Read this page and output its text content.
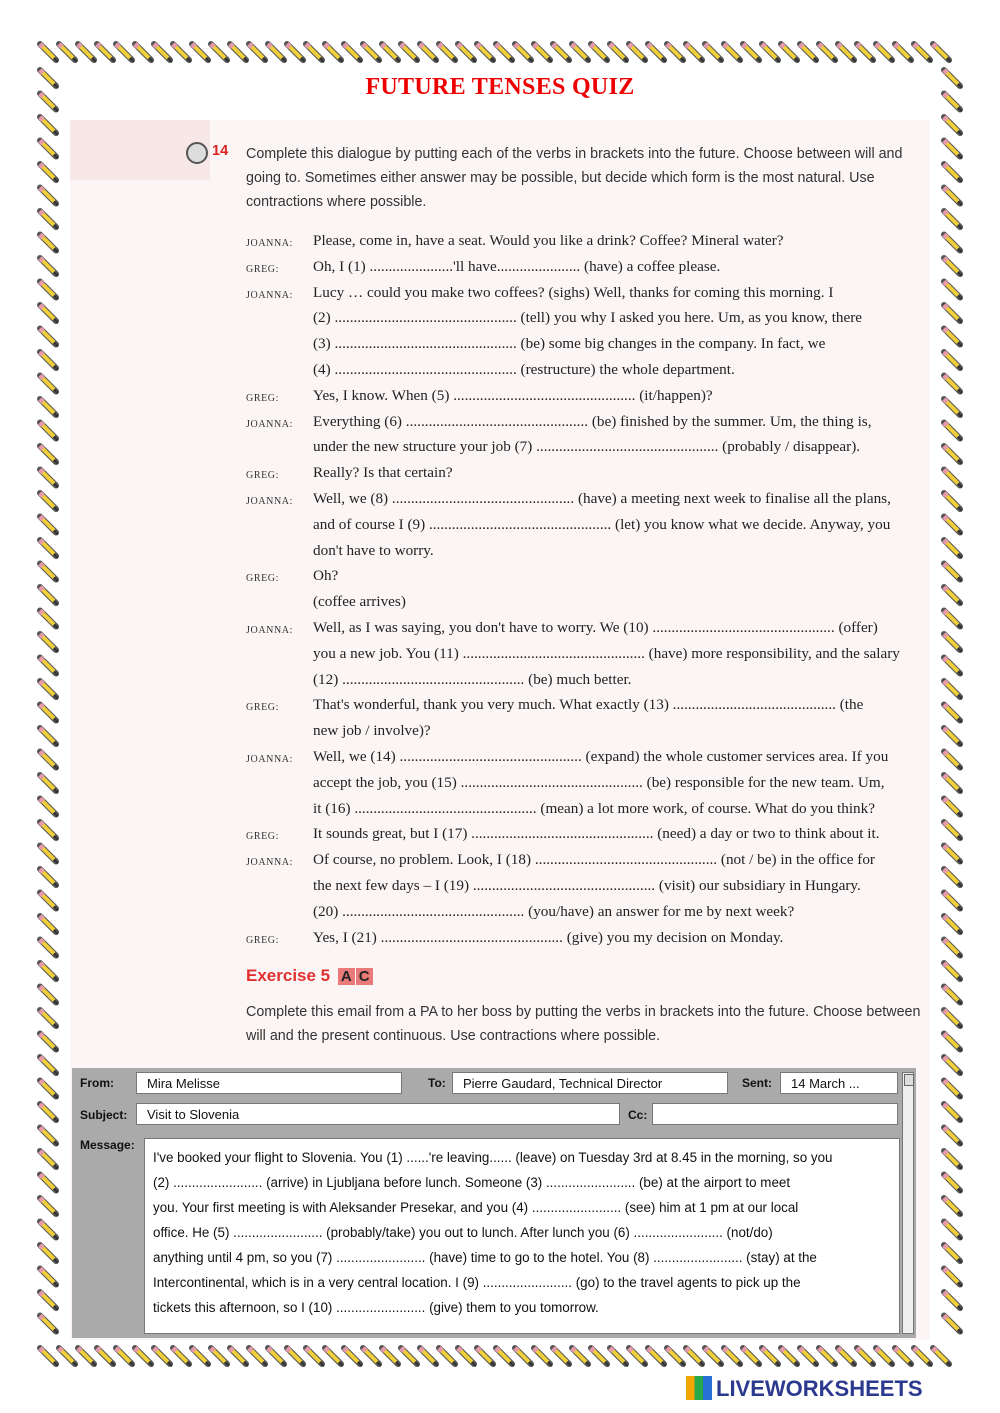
FUTURE TENSES QUIZ
14 Complete this dialogue by putting each of the verbs in brackets into the future. Choose between will and
going to. Sometimes either answer may be possible, but decide which form is the most natural. Use
contractions where possible.
JOANNA: Please, come in, have a seat. Would you like a drink? Coffee? Mineral water?
GREG: Oh, I (1) ......................'ll have...................... (have) a coffee please.
JOANNA: Lucy … could you make two coffees? (sighs) Well, thanks for coming this morning. I
(2) ................................................ (tell) you why I asked you here. Um, as you know, there
(3) ................................................ (be) some big changes in the company. In fact, we
(4) ................................................ (restructure) the whole department.
GREG: Yes, I know. When (5) ................................................ (it/happen)?
JOANNA: Everything (6) ................................................ (be) finished by the summer. Um, the thing is,
under the new structure your job (7) ................................................ (probably / disappear).
GREG: Really? Is that certain?
JOANNA: Well, we (8) ................................................ (have) a meeting next week to finalise all the plans,
and of course I (9) ................................................ (let) you know what we decide. Anyway, you
don't have to worry.
GREG: Oh?
(coffee arrives)
JOANNA: Well, as I was saying, you don't have to worry. We (10) ................................................ (offer)
you a new job. You (11) ................................................ (have) more responsibility, and the salary
(12) ................................................ (be) much better.
GREG: That's wonderful, thank you very much. What exactly (13) ........................................... (the
new job / involve)?
JOANNA: Well, we (14) ................................................ (expand) the whole customer services area. If you
accept the job, you (15) ................................................ (be) responsible for the new team. Um,
it (16) ................................................ (mean) a lot more work, of course. What do you think?
GREG: It sounds great, but I (17) ................................................ (need) a day or two to think about it.
JOANNA: Of course, no problem. Look, I (18) ................................................ (not / be) in the office for
the next few days – I (19) ................................................ (visit) our subsidiary in Hungary.
(20) ................................................ (you/have) an answer for me by next week?
GREG: Yes, I (21) ................................................ (give) you my decision on Monday.
Exercise 5 A C
Complete this email from a PA to her boss by putting the verbs in brackets into the future. Choose between
will and the present continuous. Use contractions where possible.
From:	Mira Melisse	To:	Pierre Gaudard, Technical Director	Sent:	14 March ...
Subject:	Visit to Slovenia	Cc:
Message:
I've booked your flight to Slovenia. You (1) ......'re leaving...... (leave) on Tuesday 3rd at 8.45 in the morning, so you
(2) ........................ (arrive) in Ljubljana before lunch. Someone (3) ........................ (be) at the airport to meet
you. Your first meeting is with Aleksander Presekar, and you (4) ........................ (see) him at 1 pm at our local
office. He (5) ........................ (probably/take) you out to lunch. After lunch you (6) ........................ (not/do)
anything until 4 pm, so you (7) ........................ (have) time to go to the hotel. You (8) ........................ (stay) at the
Intercontinental, which is in a very central location. I (9) ........................ (go) to the travel agents to pick up the
tickets this afternoon, so I (10) ........................ (give) them to you tomorrow.
LIVEWORKSHEETS
